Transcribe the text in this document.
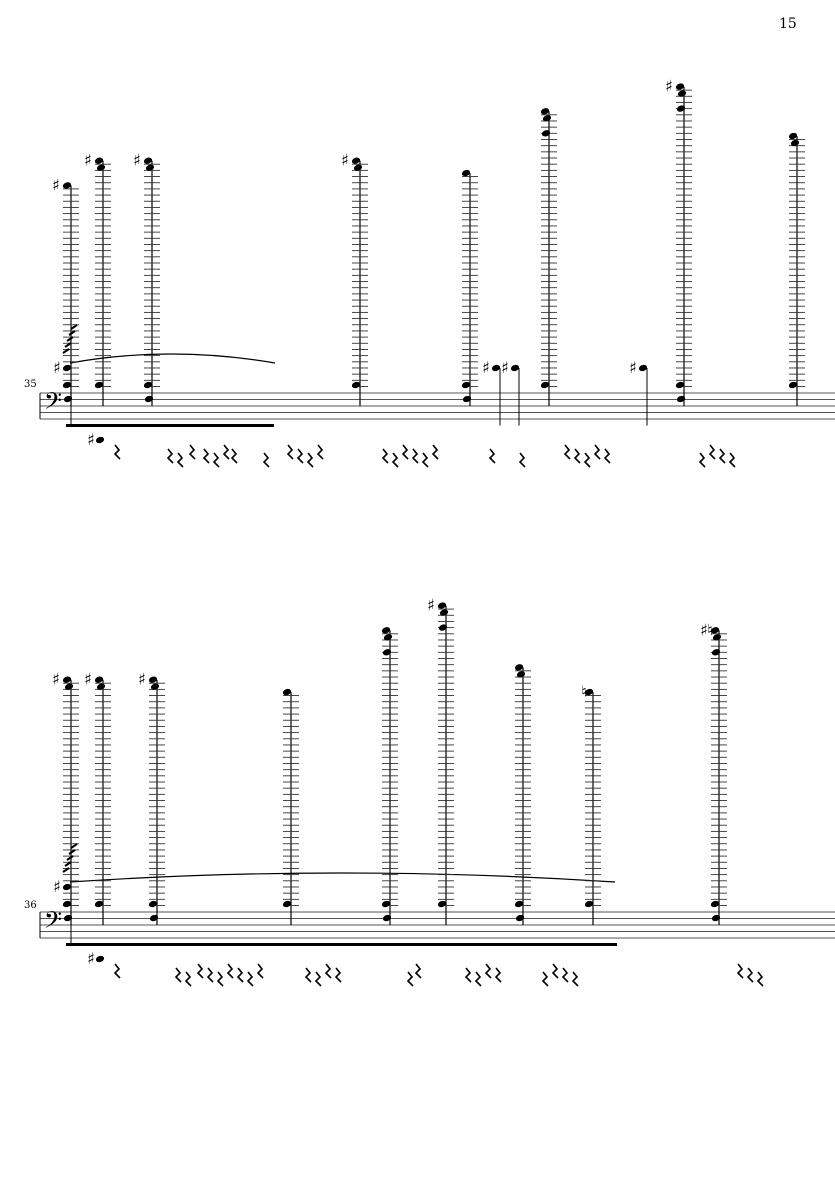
15
35
36
𝄢
♯
♯	♯	♯
♯
♯	♯ ♯	♯
♯
𝄢
♯ ♯	♯
♯
♮
♯ ♮
♯
♯
